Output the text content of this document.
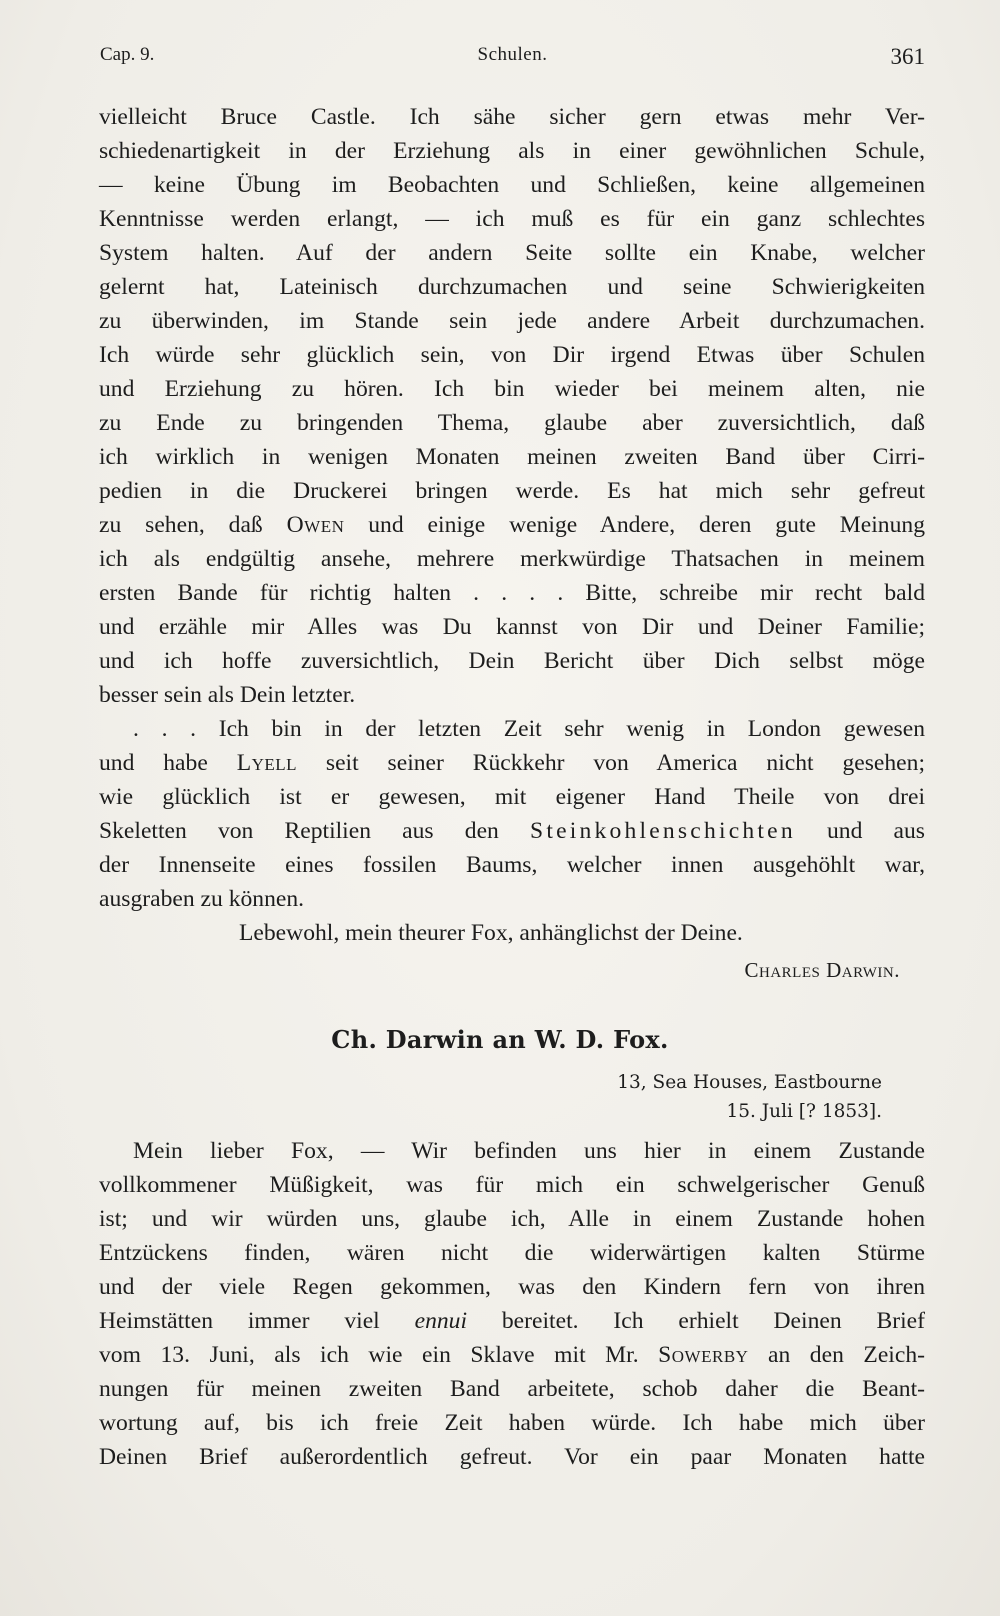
Cap. 9.	Schulen.	361
vielleicht Bruce Castle. Ich sähe sicher gern etwas mehr Ver-
schiedenartigkeit in der Erziehung als in einer gewöhnlichen Schule,
— keine Übung im Beobachten und Schließen, keine allgemeinen
Kenntnisse werden erlangt, — ich muß es für ein ganz schlechtes
System halten. Auf der andern Seite sollte ein Knabe, welcher
gelernt hat, Lateinisch durchzumachen und seine Schwierigkeiten
zu überwinden, im Stande sein jede andere Arbeit durchzumachen.
Ich würde sehr glücklich sein, von Dir irgend Etwas über Schulen
und Erziehung zu hören. Ich bin wieder bei meinem alten, nie
zu Ende zu bringenden Thema, glaube aber zuversichtlich, daß
ich wirklich in wenigen Monaten meinen zweiten Band über Cirri-
pedien in die Druckerei bringen werde. Es hat mich sehr gefreut
zu sehen, daß Owen und einige wenige Andere, deren gute Meinung
ich als endgültig ansehe, mehrere merkwürdige Thatsachen in meinem
ersten Bande für richtig halten . . . . Bitte, schreibe mir recht bald
und erzähle mir Alles was Du kannst von Dir und Deiner Familie;
und ich hoffe zuversichtlich, Dein Bericht über Dich selbst möge
besser sein als Dein letzter.
. . . Ich bin in der letzten Zeit sehr wenig in London gewesen
und habe Lyell seit seiner Rückkehr von America nicht gesehen;
wie glücklich ist er gewesen, mit eigener Hand Theile von drei
Skeletten von Reptilien aus den Steinkohlenschichten und aus
der Innenseite eines fossilen Baums, welcher innen ausgehöhlt war,
ausgraben zu können.
Lebewohl, mein theurer Fox, anhänglichst der Deine.
Charles Darwin.
Ch. Darwin an W. D. Fox.
13, Sea Houses, Eastbourne
15. Juli [? 1853].
Mein lieber Fox, — Wir befinden uns hier in einem Zustande
vollkommener Müßigkeit, was für mich ein schwelgerischer Genuß
ist; und wir würden uns, glaube ich, Alle in einem Zustande hohen
Entzückens finden, wären nicht die widerwärtigen kalten Stürme
und der viele Regen gekommen, was den Kindern fern von ihren
Heimstätten immer viel ennui bereitet. Ich erhielt Deinen Brief
vom 13. Juni, als ich wie ein Sklave mit Mr. Sowerby an den Zeich-
nungen für meinen zweiten Band arbeitete, schob daher die Beant-
wortung auf, bis ich freie Zeit haben würde. Ich habe mich über
Deinen Brief außerordentlich gefreut. Vor ein paar Monaten hatte
